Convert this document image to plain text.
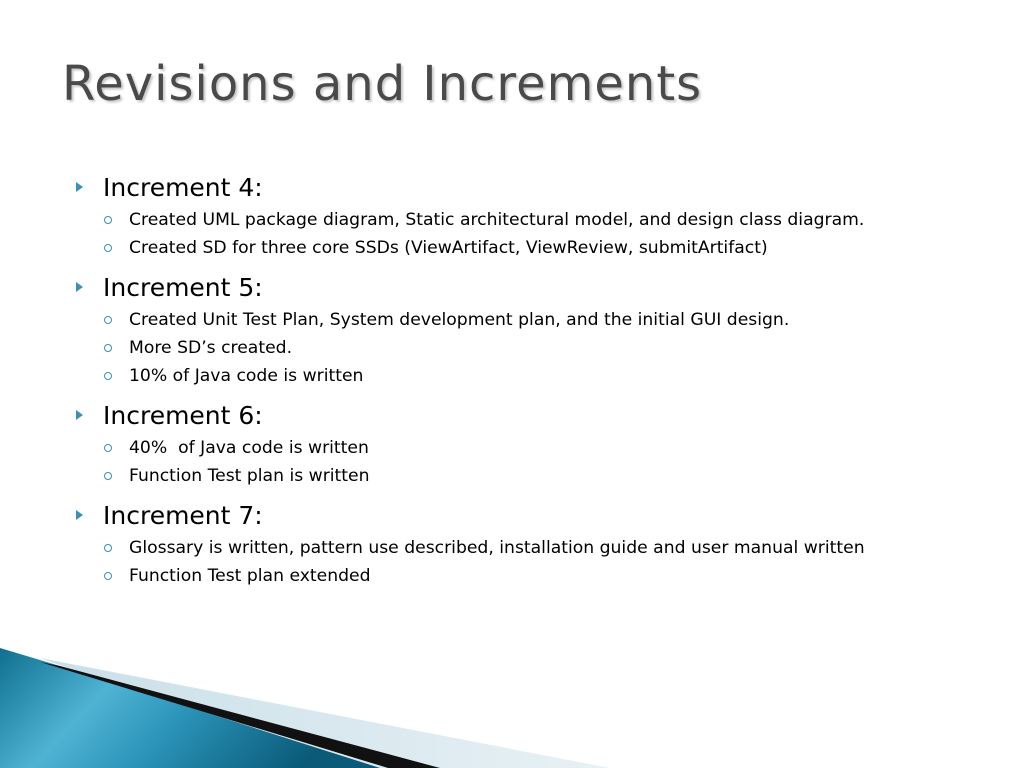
Revisions and Increments
Increment 4:
Created UML package diagram, Static architectural model, and design class diagram.
Created SD for three core SSDs (ViewArtifact, ViewReview, submitArtifact)
Increment 5:
Created Unit Test Plan, System development plan, and the initial GUI design.
More SD’s created.
10% of Java code is written
Increment 6:
40%  of Java code is written
Function Test plan is written
Increment 7:
Glossary is written, pattern use described, installation guide and user manual written
Function Test plan extended
